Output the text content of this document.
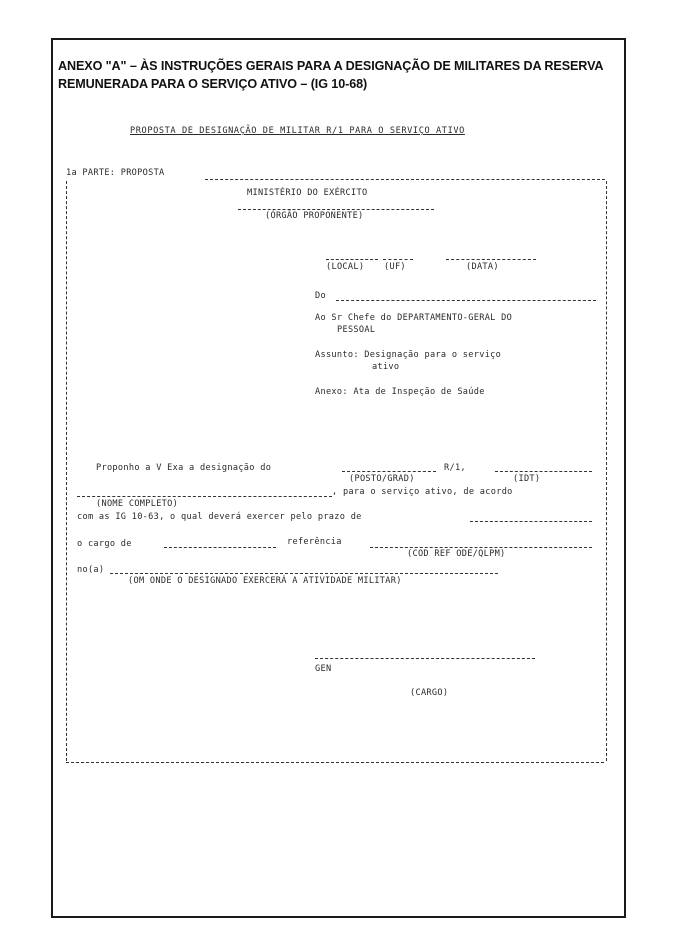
ANEXO "A" – ÀS INSTRUÇÕES GERAIS PARA A DESIGNAÇÃO DE MILITARES DA RESERVA REMUNERADA PARA O SERVIÇO ATIVO – (IG 10-68)
PROPOSTA DE DESIGNAÇÃO DE MILITAR R/1 PARA O SERVIÇO ATIVO
1a PARTE: PROPOSTA
MINISTÉRIO DO EXÉRCITO
(ÓRGÃO PROPONENTE)
(LOCAL) (UF)	(DATA)
Do
Ao Sr Chefe do DEPARTAMENTO-GERAL DO
PESSOAL
Assunto: Designação para o serviço
ativo
Anexo: Ata de Inspeção de Saúde
Proponho a V Exa a designação do	R/1,
(POSTO/GRAD)	(IDT)
, para o serviço ativo, de acordo
(NOME COMPLETO)
com as IG 10-63, o qual deverá exercer pelo prazo de
o cargo de	referência
(COD REF ODE/QLPM)
no(a)
(OM ONDE O DESIGNADO EXERCERÁ A ATIVIDADE MILITAR)
GEN
(CARGO)
